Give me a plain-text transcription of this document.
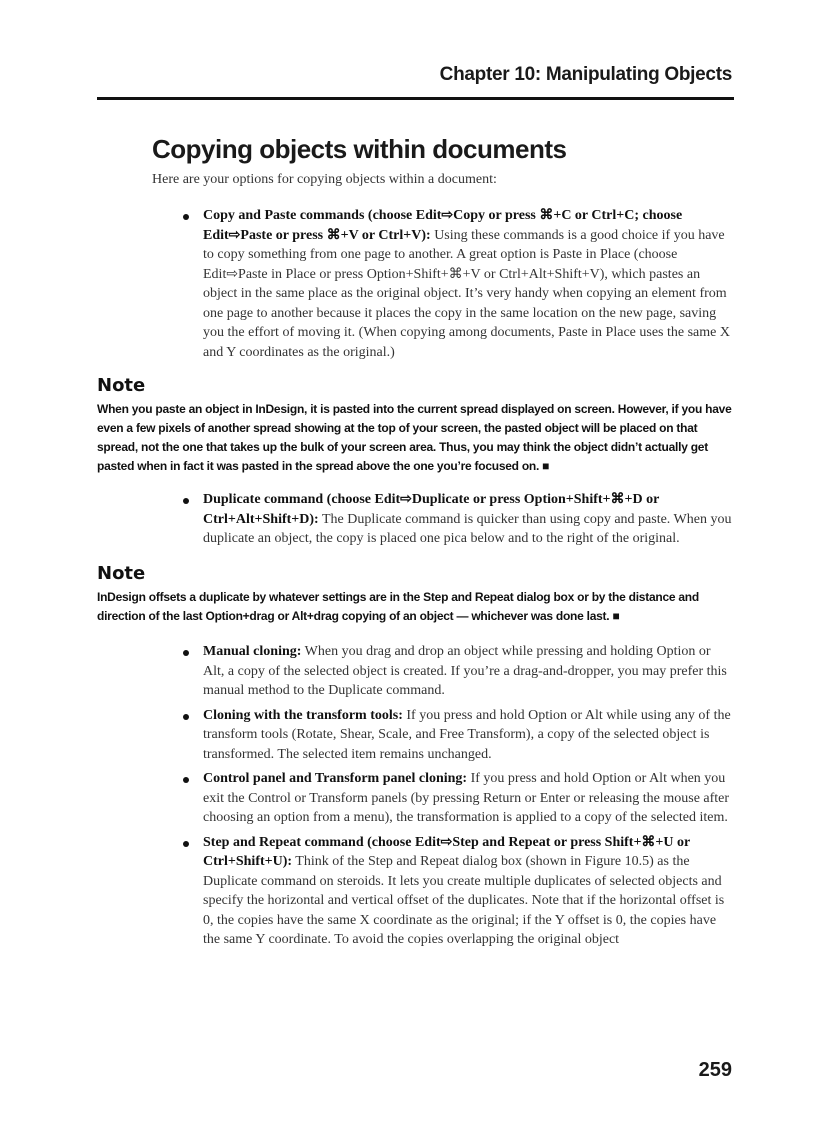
Chapter 10: Manipulating Objects
Copying objects within documents

Here are your options for copying objects within a document:

Copy and Paste commands (choose Edit⇨Copy or press ⌘+C or Ctrl+C; choose Edit⇨Paste or press ⌘+V or Ctrl+V): Using these commands is a good choice if you have to copy something from one page to another. A great option is Paste in Place (choose Edit⇨Paste in Place or press Option+Shift+⌘+V or Ctrl+Alt+Shift+V), which pastes an object in the same place as the original object. It’s very handy when copying an element from one page to another because it places the copy in the same location on the new page, saving you the effort of moving it. (When copying among documents, Paste in Place uses the same X and Y coordinates as the original.)

Note

When you paste an object in InDesign, it is pasted into the current spread displayed on screen. However, if you have even a few pixels of another spread showing at the top of your screen, the pasted object will be placed on that spread, not the one that takes up the bulk of your screen area. Thus, you may think the object didn’t actually get pasted when in fact it was pasted in the spread above the one you’re focused on. ■

Duplicate command (choose Edit⇨Duplicate or press Option+Shift+⌘+D or Ctrl+Alt+Shift+D): The Duplicate command is quicker than using copy and paste. When you duplicate an object, the copy is placed one pica below and to the right of the original.

Note

InDesign offsets a duplicate by whatever settings are in the Step and Repeat dialog box or by the distance and direction of the last Option+drag or Alt+drag copying of an object — whichever was done last. ■

Manual cloning: When you drag and drop an object while pressing and holding Option or Alt, a copy of the selected object is created. If you’re a drag-and-dropper, you may prefer this manual method to the Duplicate command.

Cloning with the transform tools: If you press and hold Option or Alt while using any of the transform tools (Rotate, Shear, Scale, and Free Transform), a copy of the selected object is transformed. The selected item remains unchanged.

Control panel and Transform panel cloning: If you press and hold Option or Alt when you exit the Control or Transform panels (by pressing Return or Enter or releasing the mouse after choosing an option from a menu), the transformation is applied to a copy of the selected item.

Step and Repeat command (choose Edit⇨Step and Repeat or press Shift+⌘+U or Ctrl+Shift+U): Think of the Step and Repeat dialog box (shown in Figure 10.5) as the Duplicate command on steroids. It lets you create multiple duplicates of selected objects and specify the horizontal and vertical offset of the duplicates. Note that if the horizontal offset is 0, the copies have the same X coordinate as the original; if the Y offset is 0, the copies have the same Y coordinate. To avoid the copies overlapping the original object

259
